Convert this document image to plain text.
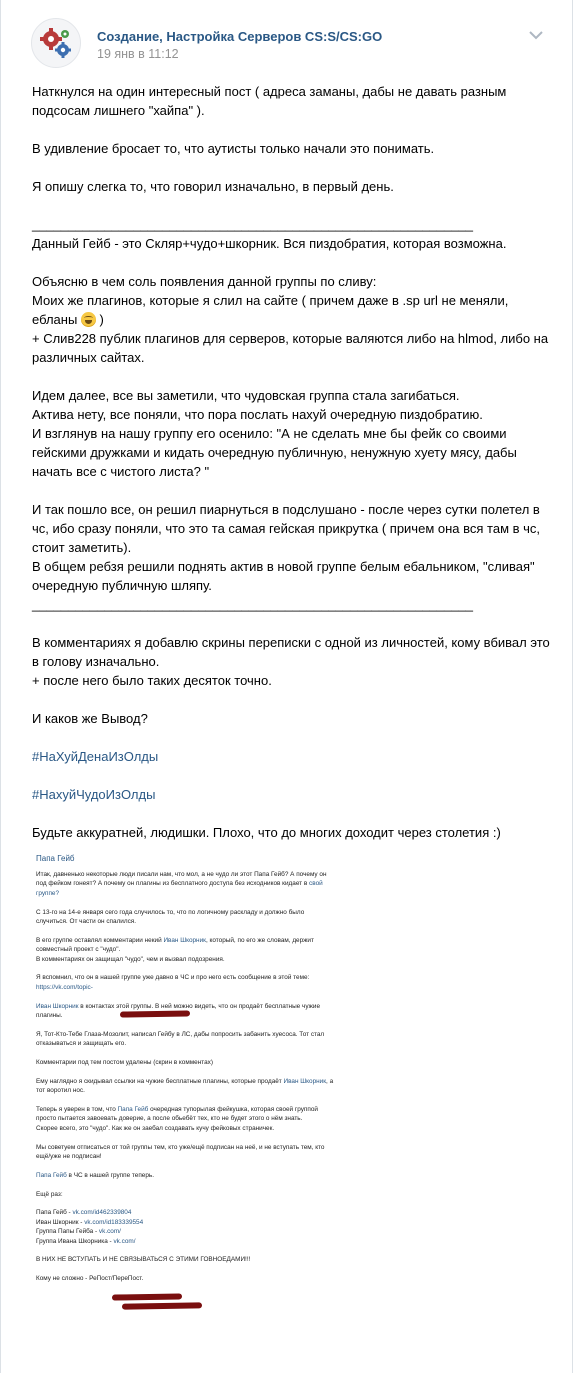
Создание, Настройка Серверов CS:S/CS:GO
19 янв в 11:12

Наткнулся на один интересный пост ( адреса заманы, дабы не давать разным подсосам лишнего "хайпа" ).

В удивление бросает то, что аутисты только начали это понимать.

Я опишу слегка то, что говорил изначально, в первый день.

_____________________________________________________________

Данный Гейб - это Скляр+чудо+шкорник. Вся пиздобратия, которая возможна.

Объясню в чем соль появления данной группы по сливу:

Моих же плагинов, которые я слил на сайте ( причем даже в .sp url не меняли, ебланы )

+ Слив228 публик плагинов для серверов, которые валяются либо на hlmod, либо на различных сайтах.

Идем далее, все вы заметили, что чудовская группа стала загибаться.

Актива нету, все поняли, что пора послать нахуй очередную пиздобратию.

И взглянув на нашу группу его осенило: "А не сделать мне бы фейк со своими гейскими дружками и кидать очередную публичную, ненужную хуету мясу, дабы начать все с чистого листа? "

И так пошло все, он решил пиарнуться в подслушано - после через сутки полетел в чс, ибо сразу поняли, что это та самая гейская прикрутка ( причем она вся там в чс, стоит заметить).

В общем ребзя решили поднять актив в новой группе белым ебальником, "сливая" очередную публичную шляпу.

_____________________________________________________________

В комментариях я добавлю скрины переписки с одной из личностей, кому вбивал это в голову изначально.

+ после него было таких десяток точно.

И каков же Вывод?

#НаХуйДенаИзОлды

#НахуйЧудоИзОлды

Будьте аккуратней, людишки. Плохо, что до многих доходит через столетия :)

Папа Гейб

Итак, давненько некоторые люди писали нам, что мол, а не чудо ли этот Папа Гейб? А почему он под фейком гонеят? А почему он плагины из бесплатного доступа без исходников кидает в свой группе?

С 13-го на 14-е января сего года случилось то, что по логичному раскладу и должно было случиться. От части он спалился.

В его группе оставлял комментарии некий Иван Шкорник, который, по его же словам, держит совместный проект с "чудо".

В комментариях он защищал "чудо", чем и вызвал подозрения.

Я вспомнил, что он в нашей группе уже давно в ЧС и про него есть сообщение в этой теме:

https://vk.com/topic-

Иван Шкорник в контактах этой группы. В ней можно видеть, что он продаёт бесплатные чужие плагины.

Я, Тот-Кто-Тебе Глаза-Мозолит, написал Гейбу в ЛС, дабы попросить забанить хуесоса. Тот стал отказываться и защищать его.

Комментарии под тем постом удалены (скрин в комментах)

Ему наглядно я скидывал ссылки на чужие бесплатные плагины, которые продаёт Иван Шкорник, а тот воротил нос.

Теперь я уверен в том, что Папа Гейб очередная тупорылая фейкушка, которая своей группой просто пытается завоевать доверие, а после обьебёт тех, кто не будет этого о нём знать.

Скорее всего, это "чудо". Как же он заебал создавать кучу фейковых страничек.

Мы советуем отписаться от той группы тем, кто уже/ещё подписан на неё, и не вступать тем, кто ещё/уже не подписан!

Папа Гейб в ЧС в нашей группе теперь.

Ещё раз:

Папа Гейб - vk.com/id462339804

Иван Шкорник - vk.com/id183339554

Группа Папы Гейба - vk.com/

Группа Ивана Шкорника - vk.com/

В НИХ НЕ ВСТУПАТЬ И НЕ СВЯЗЫВАТЬСЯ С ЭТИМИ ГОВНОЕДАМИ!!!

Кому не сложно - РеПост/ПереПост.
